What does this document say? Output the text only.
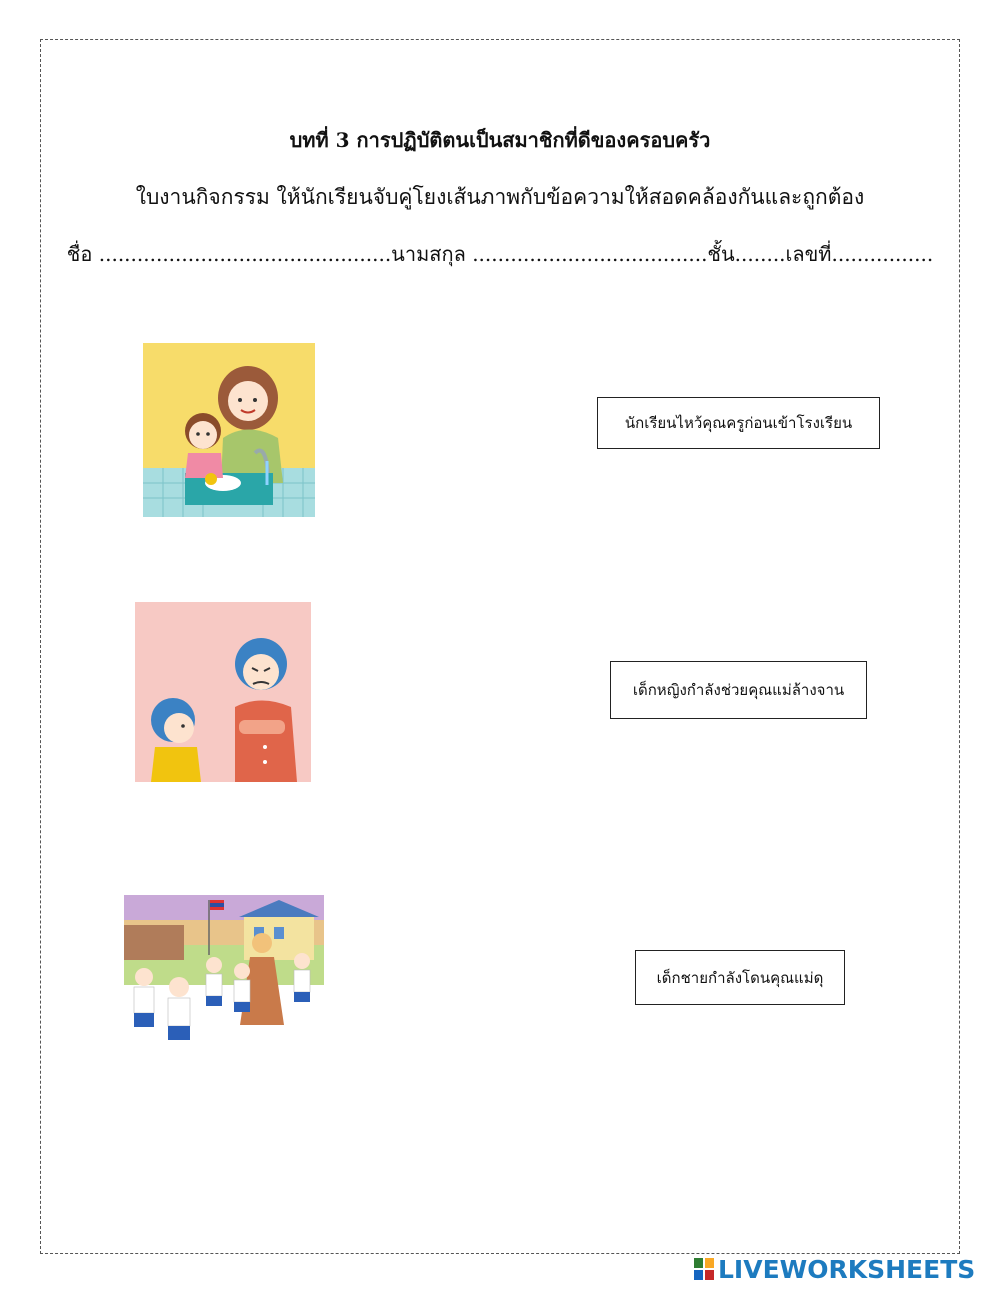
บทที่ 3 การปฏิบัติตนเป็นสมาชิกที่ดีของครอบครัว
ใบงานกิจกรรม ให้นักเรียนจับคู่โยงเส้นภาพกับข้อความให้สอดคล้องกันและถูกต้อง
ชื่อ ..............................................นามสกุล .....................................ชั้น........เลขที่................
นักเรียนไหว้คุณครูก่อนเข้าโรงเรียน
เด็กหญิงกำลังช่วยคุณแม่ล้างจาน
เด็กชายกำลังโดนคุณแม่ดุ
LIVEWORKSHEETS
